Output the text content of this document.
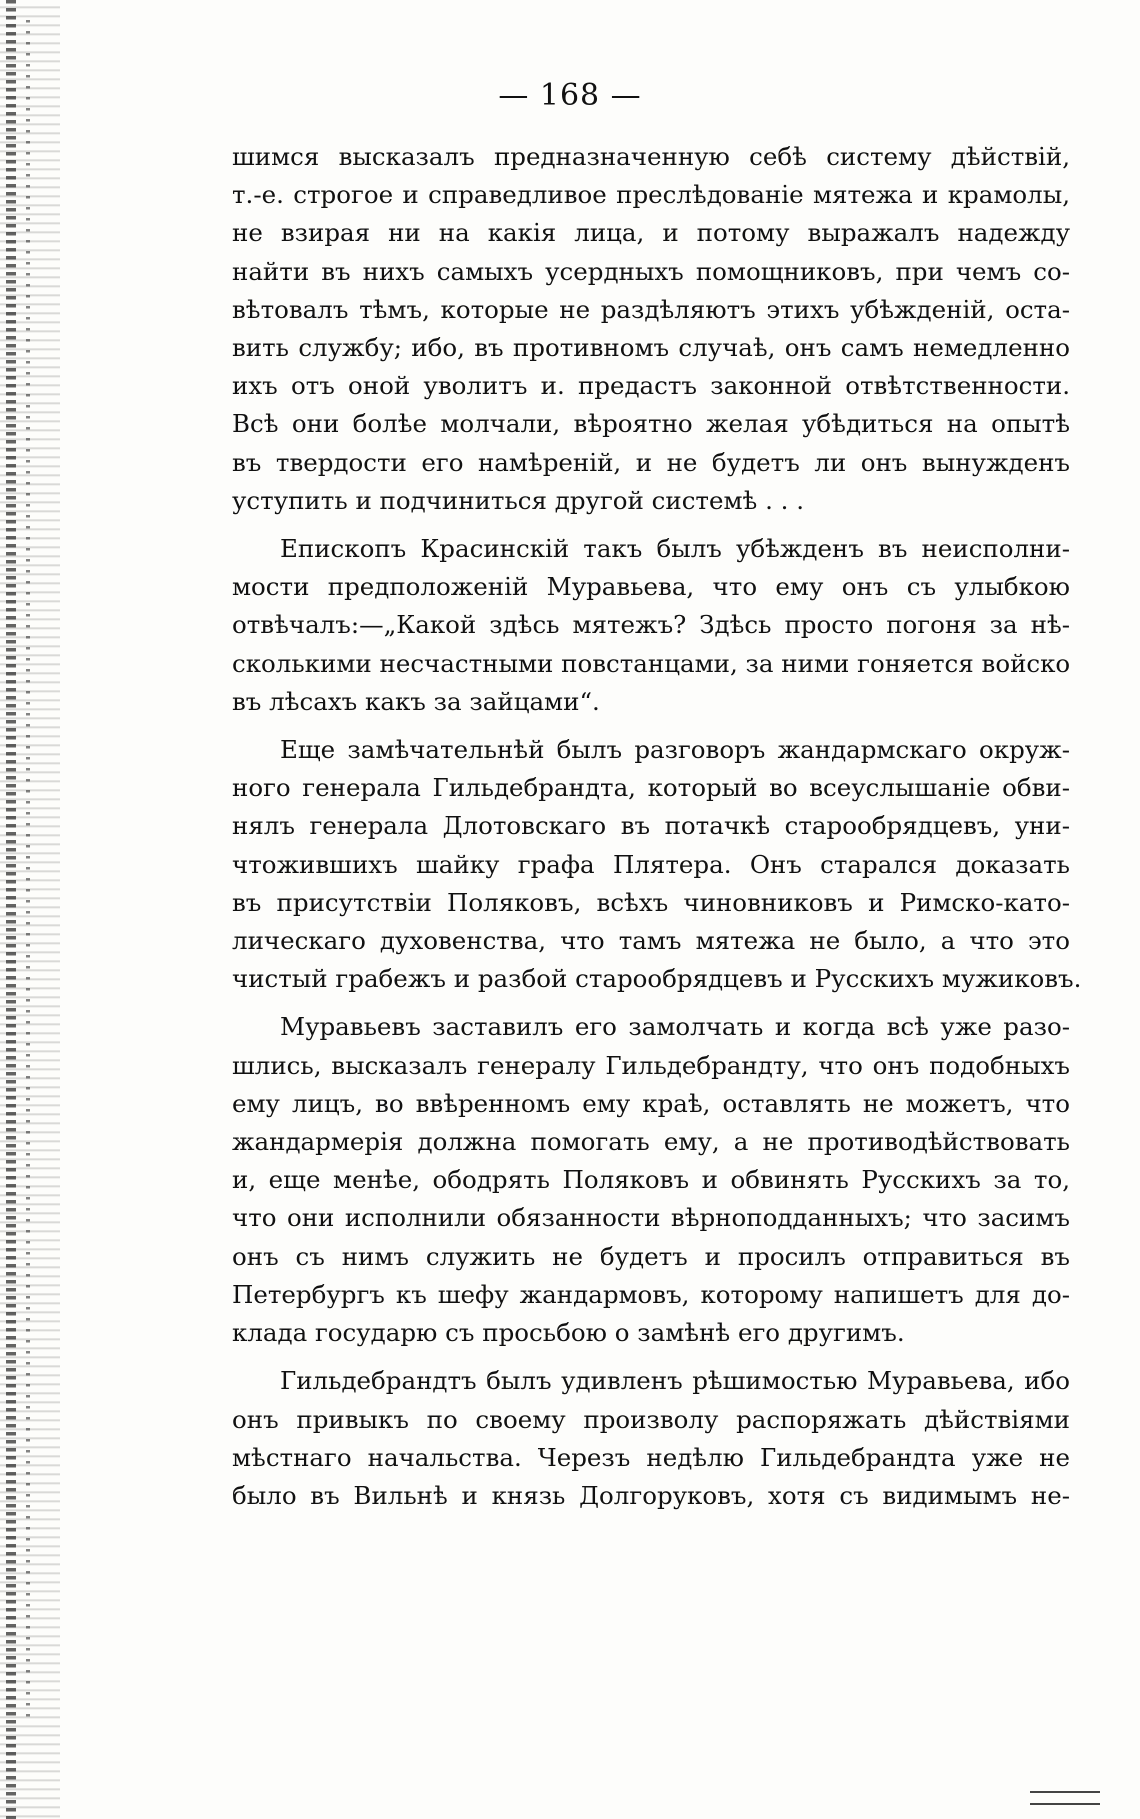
— 168 —
шимся высказалъ предназначенную себѣ систему дѣйствій,
т.-е. строгое и справедливое преслѣдованіе мятежа и крамолы,
не взирая ни на какія лица, и потому выражалъ надежду
найти въ нихъ самыхъ усердныхъ помощниковъ, при чемъ со-
вѣтовалъ тѣмъ, которые не раздѣляютъ этихъ убѣжденій, оста-
вить службу; ибо, въ противномъ случаѣ, онъ самъ немедленно
ихъ отъ оной уволитъ и. предастъ законной отвѣтственности.
Всѣ они болѣе молчали, вѣроятно желая убѣдиться на опытѣ
въ твердости его намѣреній, и не будетъ ли онъ вынужденъ
уступить и подчиниться другой системѣ . . .
Епископъ Красинскій такъ былъ убѣжденъ въ неисполни-
мости предположеній Муравьева, что ему онъ съ улыбкою
отвѣчалъ:—„Какой здѣсь мятежъ? Здѣсь просто погоня за нѣ-
сколькими несчастными повстанцами, за ними гоняется войско
въ лѣсахъ какъ за зайцами“.
Еще замѣчательнѣй былъ разговоръ жандармскаго окруж-
ного генерала Гильдебрандта, который во всеуслышаніе обви-
нялъ генерала Длотовскаго въ потачкѣ старообрядцевъ, уни-
чтожившихъ шайку графа Плятера. Онъ старался доказать
въ присутствіи Поляковъ, всѣхъ чиновниковъ и Римско-като-
лическаго духовенства, что тамъ мятежа не было, а что это
чистый грабежъ и разбой старообрядцевъ и Русскихъ мужиковъ.
Муравьевъ заставилъ его замолчать и когда всѣ уже разо-
шлись, высказалъ генералу Гильдебрандту, что онъ подобныхъ
ему лицъ, во ввѣренномъ ему краѣ, оставлять не можетъ, что
жандармерія должна помогать ему, а не противодѣйствовать
и, еще менѣе, ободрять Поляковъ и обвинять Русскихъ за то,
что они исполнили обязанности вѣрноподданныхъ; что засимъ
онъ съ нимъ служить не будетъ и просилъ отправиться въ
Петербургъ къ шефу жандармовъ, которому напишетъ для до-
клада государю съ просьбою о замѣнѣ его другимъ.
Гильдебрандтъ былъ удивленъ рѣшимостью Муравьева, ибо
онъ привыкъ по своему произволу распоряжать дѣйствіями
мѣстнаго начальства. Черезъ недѣлю Гильдебрандта уже не
было въ Вильнѣ и князь Долгоруковъ, хотя съ видимымъ не-
